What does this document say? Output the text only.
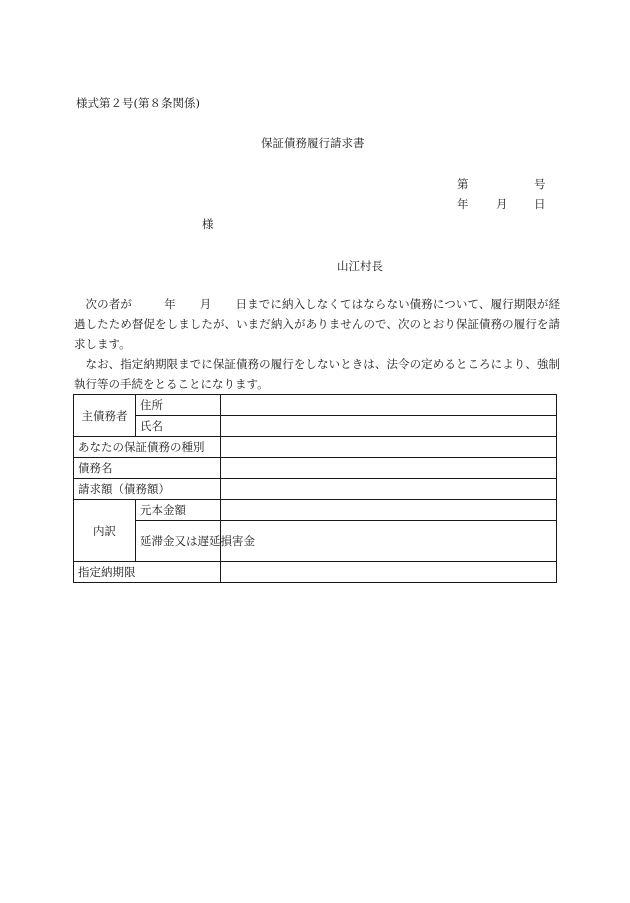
様式第２号(第８条関係)
保証債務履行請求書
第	号
年 月 日
様
山江村長

次の者が	年 月 日までに納入しなくてはならない債務について、履行期限が経過したため督促をしましたが、いまだ納入がありませんので、次のとおり保証債務の履行を請求します。

なお、指定納期限までに保証債務の履行をしないときは、法令の定めるところにより、強制執行等の手続をとることになります。

主債務者	住所	
	氏名	
あなたの保証債務の種別		
債務名		
請求額（債務額）		
内訳	元本金額	
	延滞金又は遅延損害金	
指定納期限		
